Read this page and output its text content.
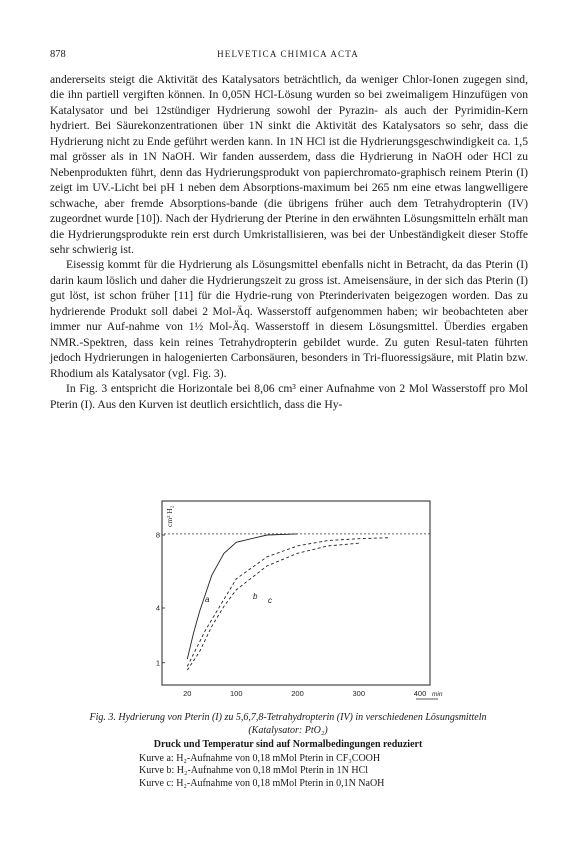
878	HELVETICA CHIMICA ACTA

andererseits steigt die Aktivität des Katalysators beträchtlich, da weniger Chlor-Ionen zugegen sind, die ihn partiell vergiften können. In 0,05N HCl-Lösung wurden so bei zweimaligem Hinzufügen von Katalysator und bei 12stündiger Hydrierung sowohl der Pyrazin- als auch der Pyrimidin-Kern hydriert. Bei Säurekonzentrationen über 1N sinkt die Aktivität des Katalysators so sehr, dass die Hydrierung nicht zu Ende geführt werden kann. In 1N HCl ist die Hydrierungsgeschwindigkeit ca. 1,5 mal grösser als in 1N NaOH. Wir fanden ausserdem, dass die Hydrierung in NaOH oder HCl zu Nebenprodukten führt, denn das Hydrierungsprodukt von papierchromato-graphisch reinem Pterin (I) zeigt im UV.-Licht bei pH 1 neben dem Absorptions-maximum bei 265 nm eine etwas langwelligere schwache, aber fremde Absorptions-bande (die übrigens früher auch dem Tetrahydropterin (IV) zugeordnet wurde [10]). Nach der Hydrierung der Pterine in den erwähnten Lösungsmitteln erhält man die Hydrierungsprodukte rein erst durch Umkristallisieren, was bei der Unbeständigkeit dieser Stoffe sehr schwierig ist.

Eisessig kommt für die Hydrierung als Lösungsmittel ebenfalls nicht in Betracht, da das Pterin (I) darin kaum löslich und daher die Hydrierungszeit zu gross ist. Ameisensäure, in der sich das Pterin (I) gut löst, ist schon früher [11] für die Hydrie-rung von Pterinderivaten beigezogen worden. Das zu hydrierende Produkt soll dabei 2 Mol-Äq. Wasserstoff aufgenommen haben; wir beobachteten aber immer nur Auf-nahme von 1½ Mol-Äq. Wasserstoff in diesem Lösungsmittel. Überdies ergaben NMR.-Spektren, dass kein reines Tetrahydropterin gebildet wurde. Zu guten Resul-taten führten jedoch Hydrierungen in halogenierten Carbonsäuren, besonders in Tri-fluoressigsäure, mit Platin bzw. Rhodium als Katalysator (vgl. Fig. 3).

In Fig. 3 entspricht die Horizontale bei 8,06 cm³ einer Aufnahme von 2 Mol Wasserstoff pro Mol Pterin (I). Aus den Kurven ist deutlich ersichtlich, dass die Hy-

cm³ H₂
1
4
8
20	100	200	300	400 min
a	b c
Fig. 3. Hydrierung von Pterin (I) zu 5,6,7,8-Tetrahydropterin (IV) in verschiedenen Lösungsmitteln
(Katalysator: PtO₂)
Druck und Temperatur sind auf Normalbedingungen reduziert
Kurve a: H₂-Aufnahme von 0,18 mMol Pterin in CF₃COOH
Kurve b: H₂-Aufnahme von 0,18 mMol Pterin in 1N HCl
Kurve c: H₂-Aufnahme von 0,18 mMol Pterin in 0,1N NaOH
